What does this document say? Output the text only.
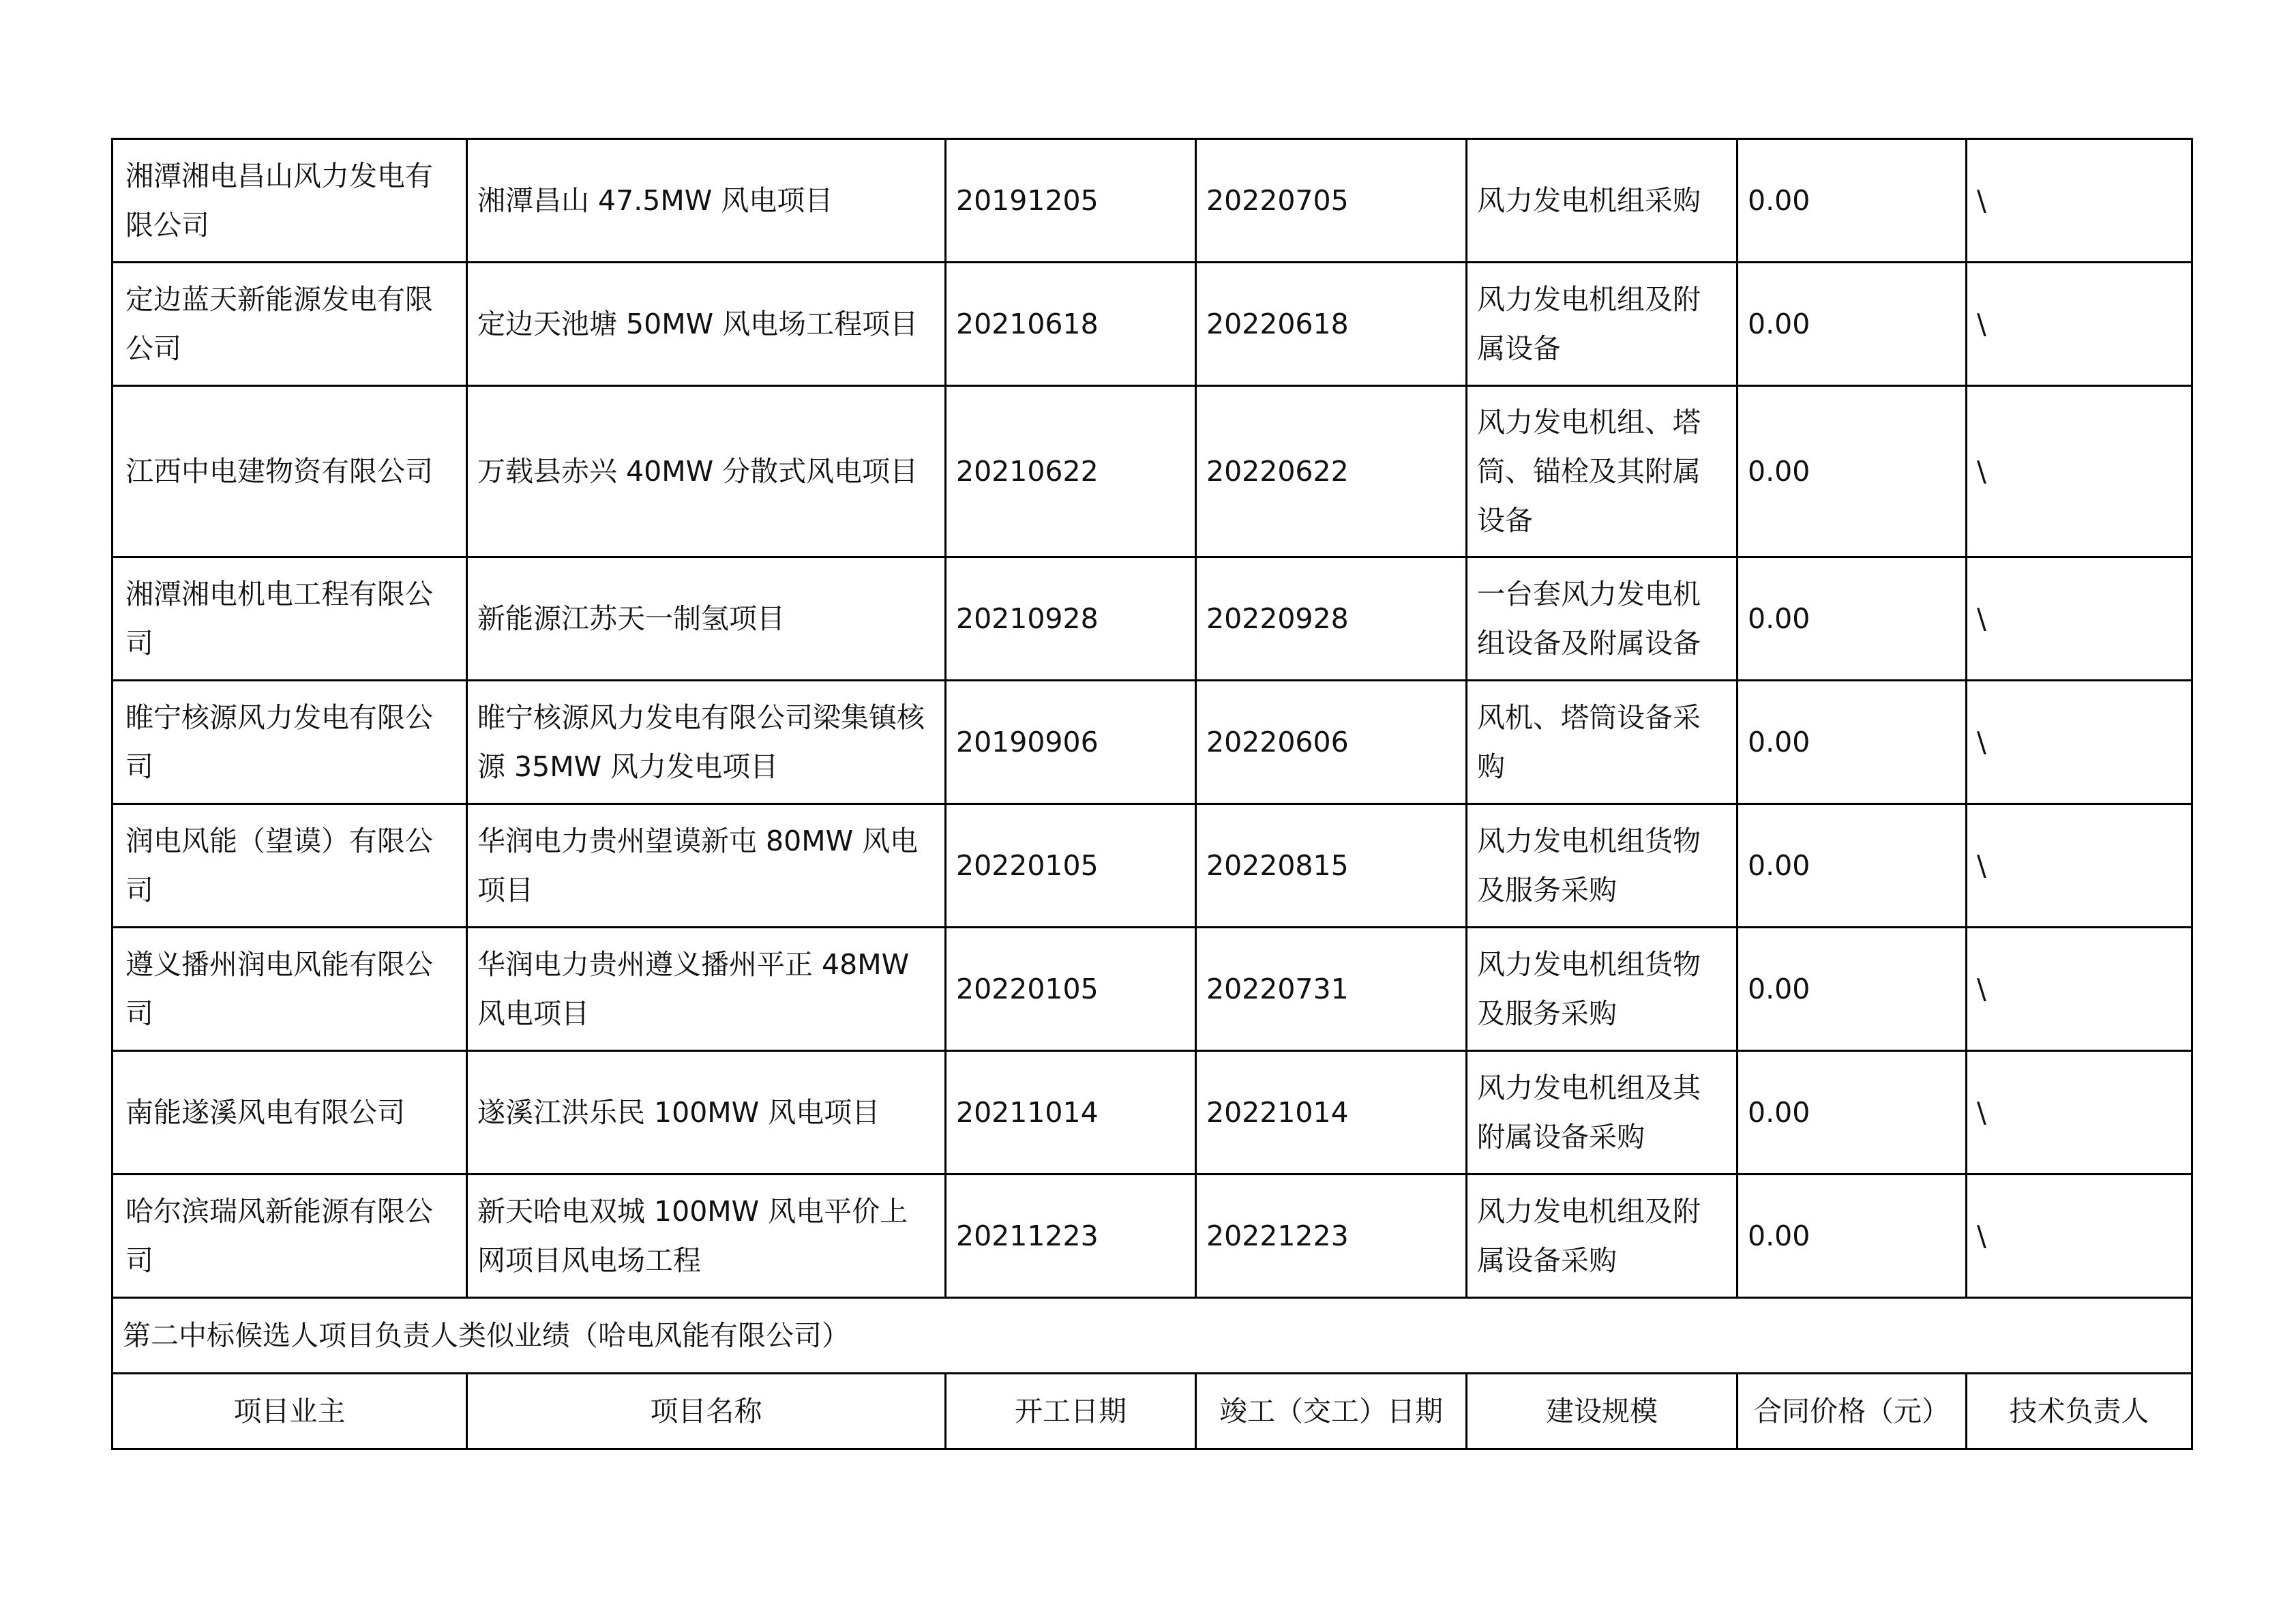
湘潭湘电昌山风力发电有限公司	湘潭昌山 47.5MW 风电项目	20191205	20220705	风力发电机组采购	0.00	\
定边蓝天新能源发电有限公司	定边天池塘 50MW 风电场工程项目	20210618	20220618	风力发电机组及附属设备	0.00	\
江西中电建物资有限公司	万载县赤兴 40MW 分散式风电项目	20210622	20220622	风力发电机组、塔筒、锚栓及其附属设备	0.00	\
湘潭湘电机电工程有限公司	新能源江苏天一制氢项目	20210928	20220928	一台套风力发电机组设备及附属设备	0.00	\
睢宁核源风力发电有限公司	睢宁核源风力发电有限公司梁集镇核源 35MW 风力发电项目	20190906	20220606	风机、塔筒设备采购	0.00	\
润电风能（望谟）有限公司	华润电力贵州望谟新屯 80MW 风电项目	20220105	20220815	风力发电机组货物及服务采购	0.00	\
遵义播州润电风能有限公司	华润电力贵州遵义播州平正 48MW 风电项目	20220105	20220731	风力发电机组货物及服务采购	0.00	\
南能遂溪风电有限公司	遂溪江洪乐民 100MW 风电项目	20211014	20221014	风力发电机组及其附属设备采购	0.00	\
哈尔滨瑞风新能源有限公司	新天哈电双城 100MW 风电平价上网项目风电场工程	20211223	20221223	风力发电机组及附属设备采购	0.00	\
第二中标候选人项目负责人类似业绩（哈电风能有限公司）						
项目业主	项目名称	开工日期	竣工（交工）日期	建设规模	合同价格（元）	技术负责人
